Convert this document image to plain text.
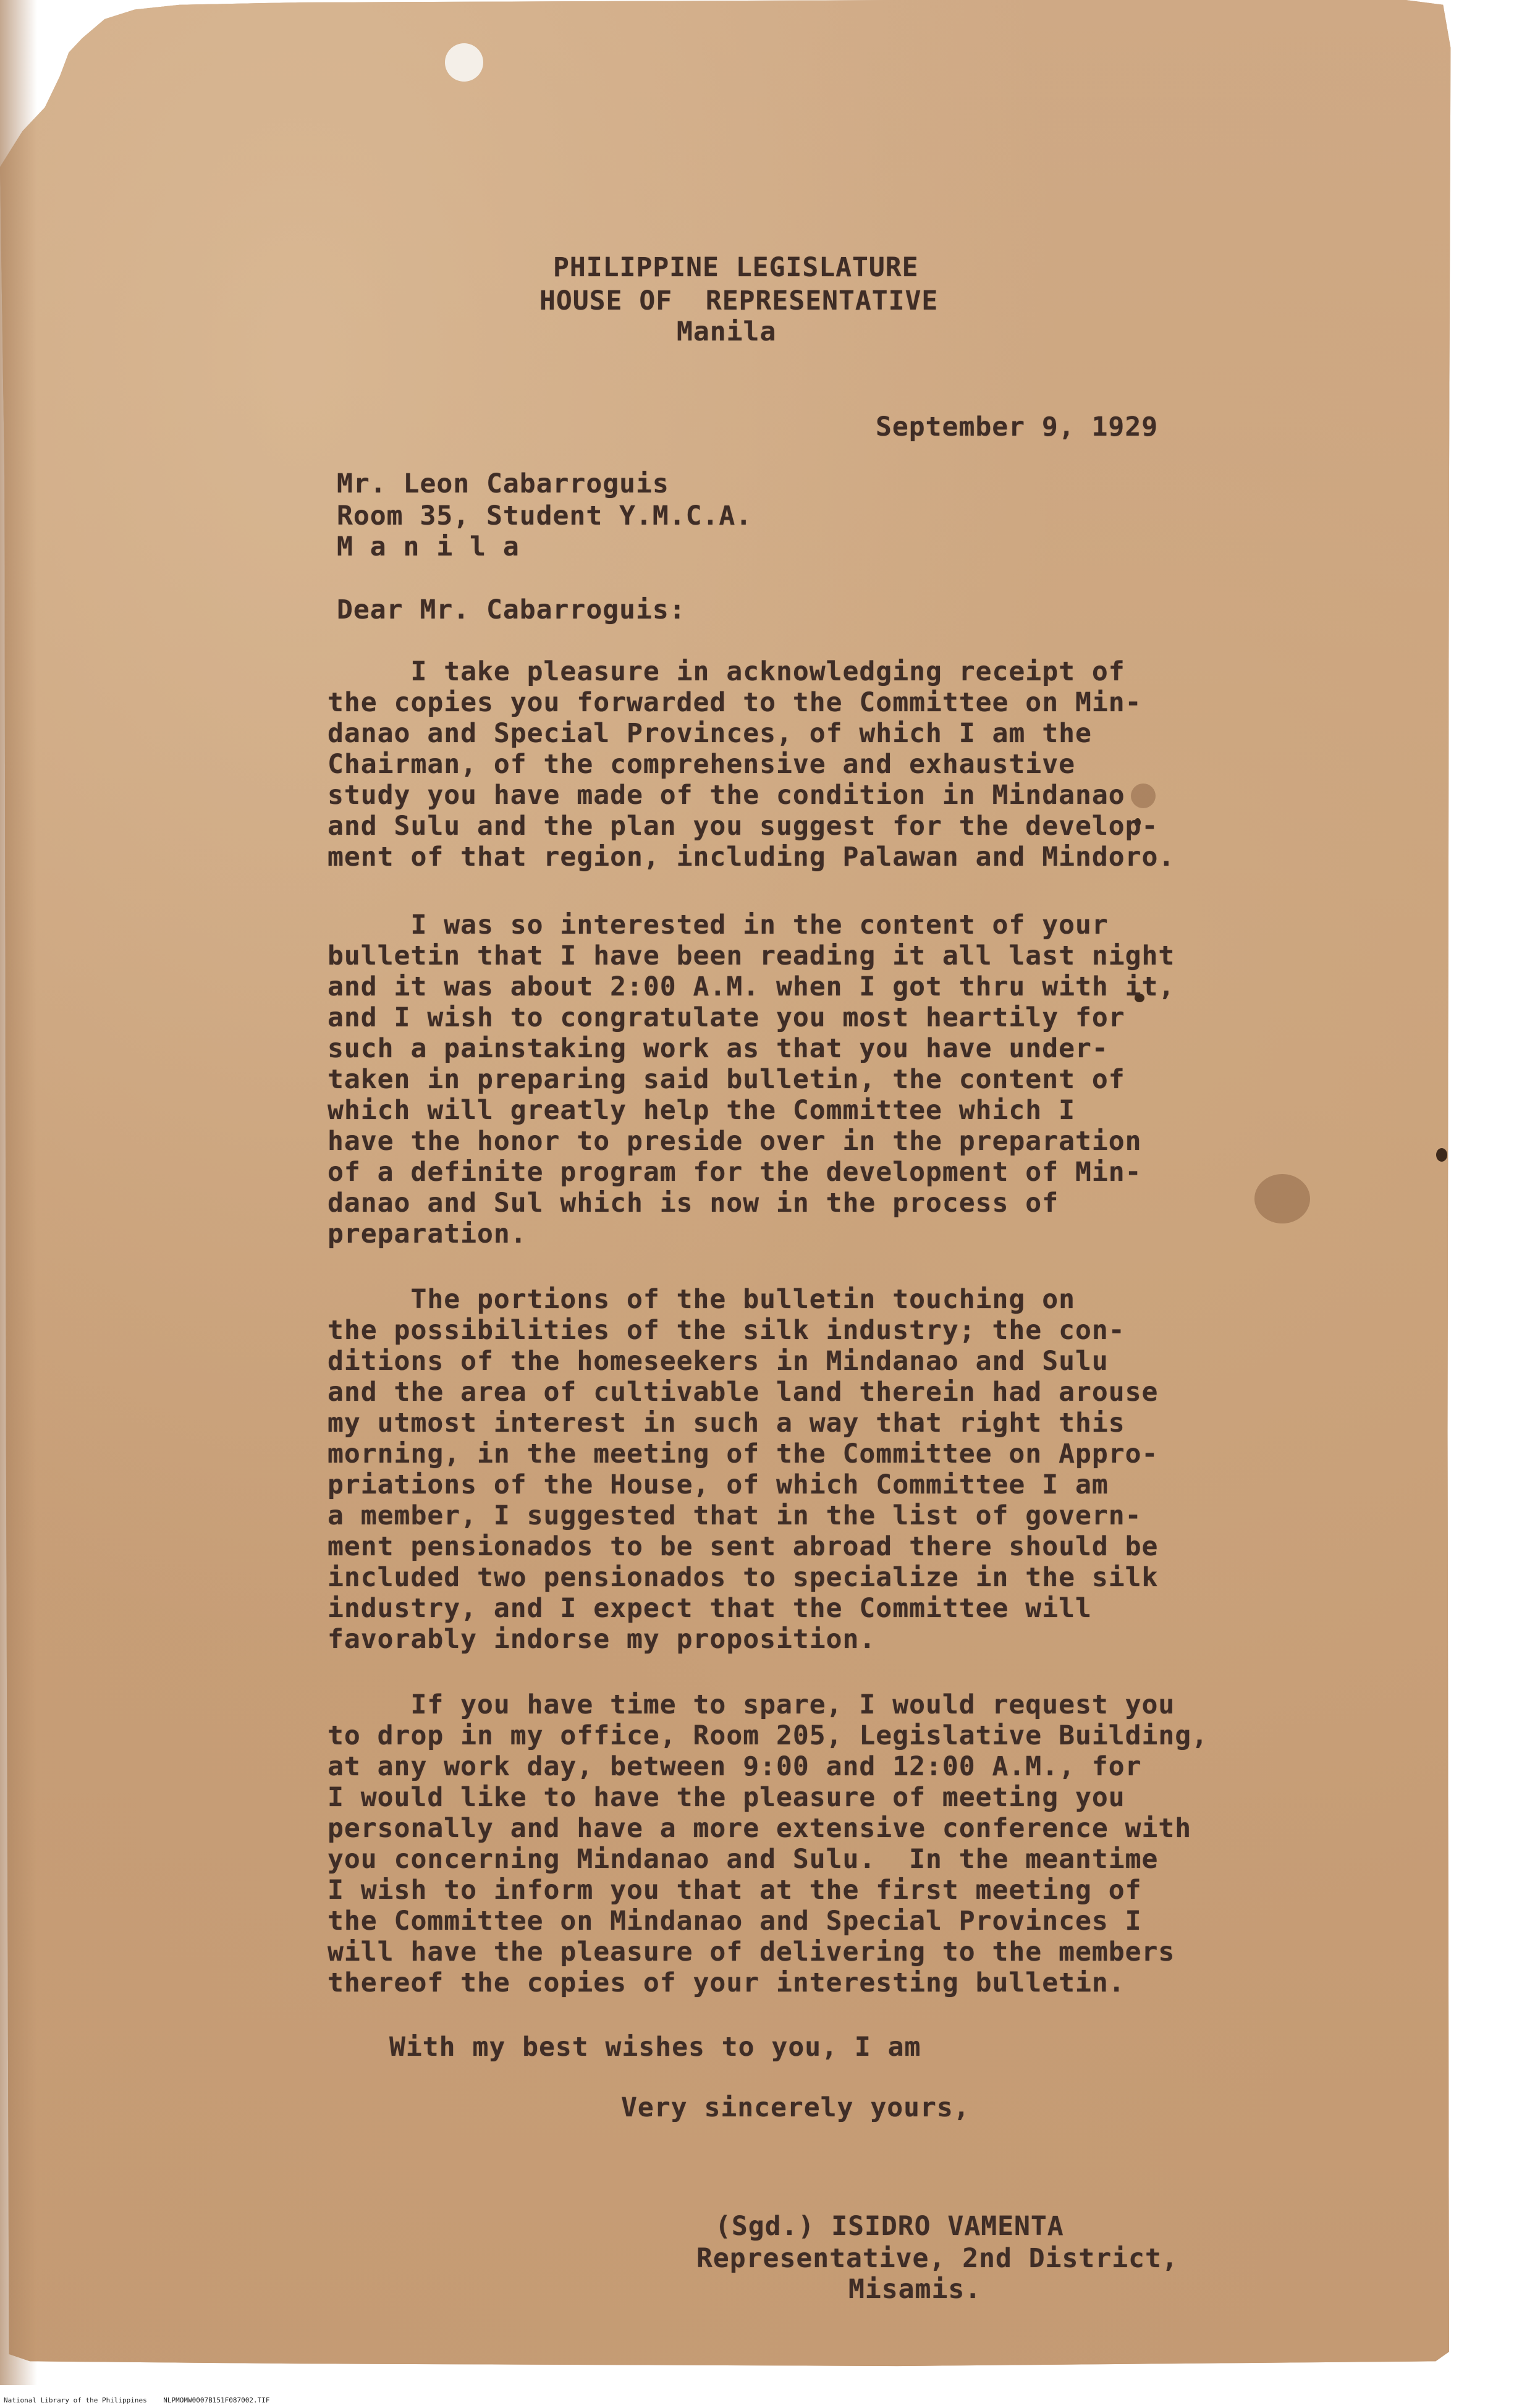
PHILIPPINE LEGISLATURE

HOUSE OF  REPRESENTATIVE

Manila

September 9, 1929

Mr. Leon Cabarroguis

Room 35, Student Y.M.C.A.

M a n i l a

Dear Mr. Cabarroguis:

I take pleasure in acknowledging receipt of

the copies you forwarded to the Committee on Min-

danao and Special Provinces, of which I am the

Chairman, of the comprehensive and exhaustive

study you have made of the condition in Mindanao

and Sulu and the plan you suggest for the develop-

ment of that region, including Palawan and Mindoro.

I was so interested in the content of your

bulletin that I have been reading it all last night

and it was about 2:00 A.M. when I got thru with it,

and I wish to congratulate you most heartily for

such a painstaking work as that you have under-

taken in preparing said bulletin, the content of

which will greatly help the Committee which I

have the honor to preside over in the preparation

of a definite program for the development of Min-

danao and Sul which is now in the process of

preparation.

The portions of the bulletin touching on

the possibilities of the silk industry; the con-

ditions of the homeseekers in Mindanao and Sulu

and the area of cultivable land therein had arouse

my utmost interest in such a way that right this

morning, in the meeting of the Committee on Appro-

priations of the House, of which Committee I am

a member, I suggested that in the list of govern-

ment pensionados to be sent abroad there should be

included two pensionados to specialize in the silk

industry, and I expect that the Committee will

favorably indorse my proposition.

If you have time to spare, I would request you

to drop in my office, Room 205, Legislative Building,

at any work day, between 9:00 and 12:00 A.M., for

I would like to have the pleasure of meeting you

personally and have a more extensive conference with

you concerning Mindanao and Sulu.  In the meantime

I wish to inform you that at the first meeting of

the Committee on Mindanao and Special Provinces I

will have the pleasure of delivering to the members

thereof the copies of your interesting bulletin.

With my best wishes to you, I am
Very sincerely yours,

(Sgd.) ISIDRO VAMENTA

Representative, 2nd District,

Misamis.

National Library of the Philippines    NLPMOMW0007B151F087002.TIF
